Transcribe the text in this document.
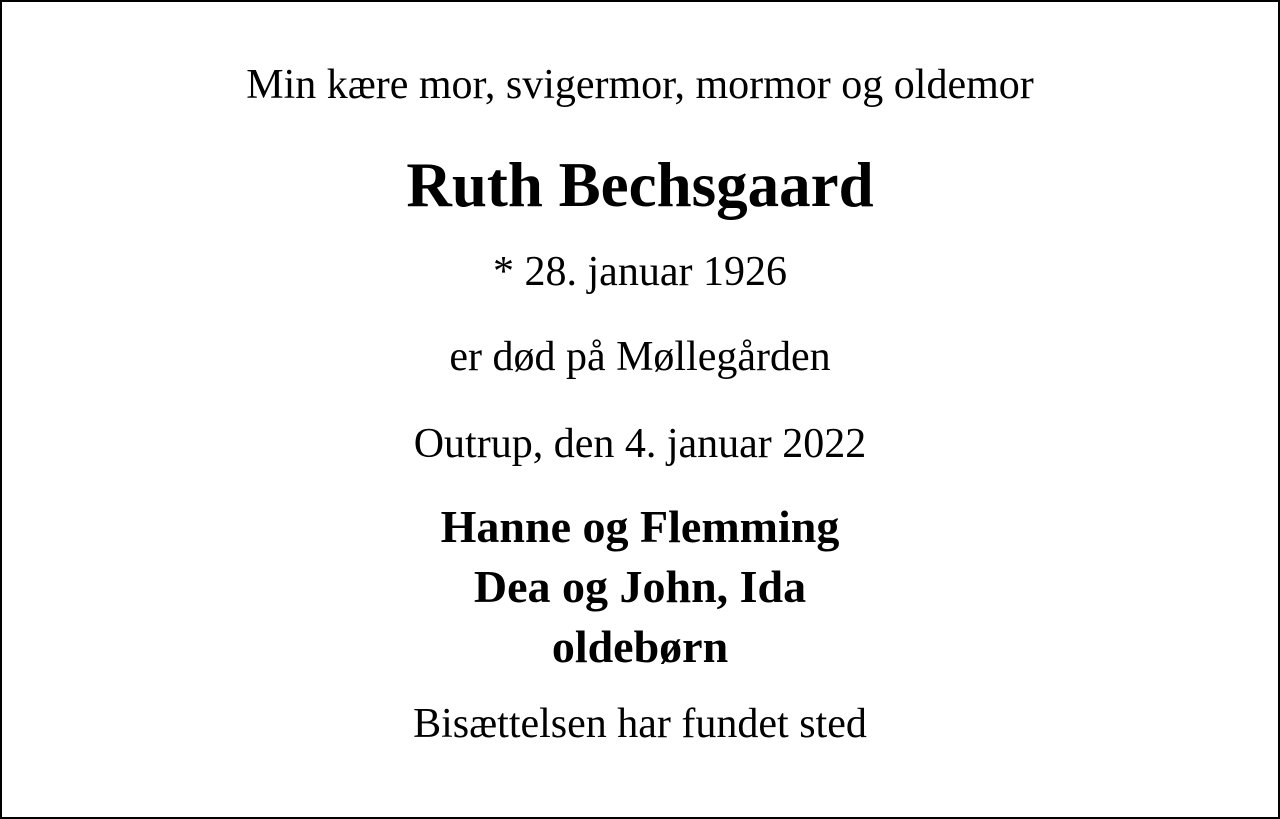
Min kære mor, svigermor, mormor og oldemor
Ruth Bechsgaard
* 28. januar 1926
er død på Møllegården
Outrup, den 4. januar 2022
Hanne og Flemming
Dea og John, Ida
oldebørn
Bisættelsen har fundet sted
